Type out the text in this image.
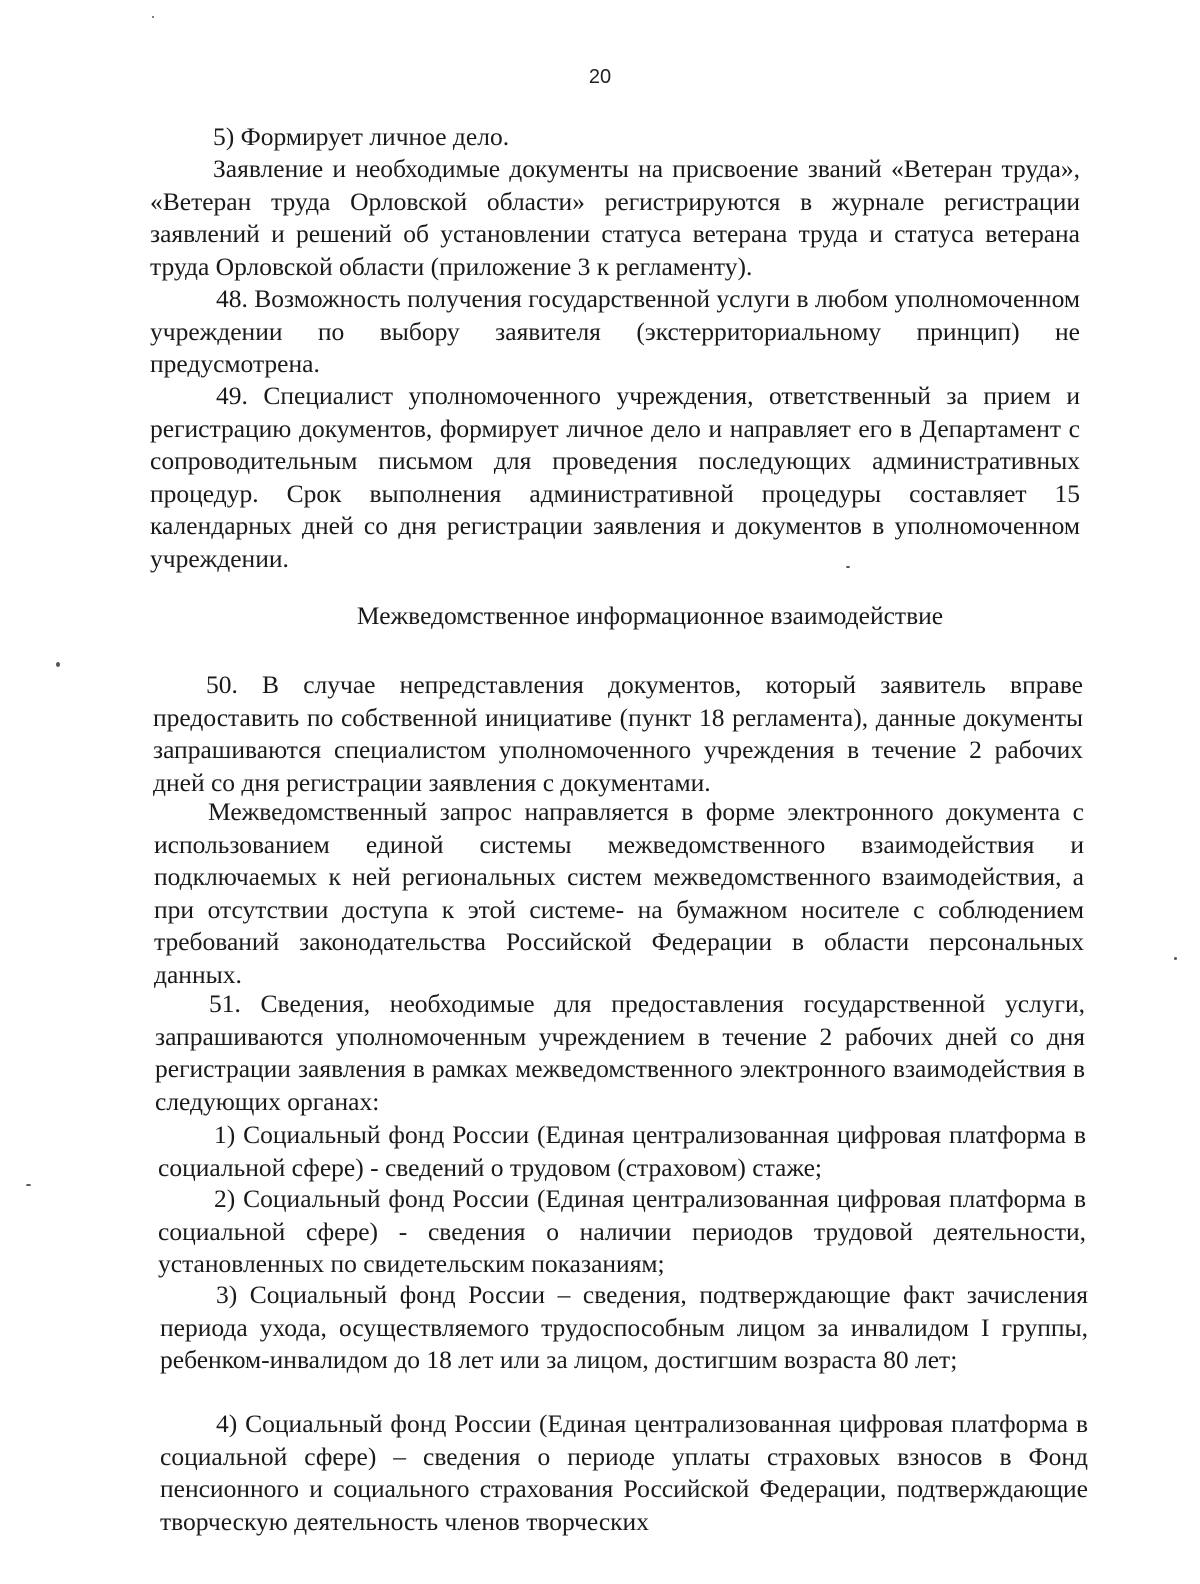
20

5) Формирует личное дело.

Заявление и необходимые документы на присвоение званий «Ветеран труда», «Ветеран труда Орловской области» регистрируются в журнале регистрации заявлений и решений об установлении статуса ветерана труда и статуса ветерана труда Орловской области (приложение 3 к регламенту).

48. Возможность получения государственной услуги в любом уполномоченном учреждении по выбору заявителя (экстерриториальному принцип) не предусмотрена.

49. Специалист уполномоченного учреждения, ответственный за прием и регистрацию документов, формирует личное дело и направляет его в Департамент с сопроводительным письмом для проведения последующих административных процедур. Срок выполнения административной процедуры составляет 15 календарных дней со дня регистрации заявления и документов в уполномоченном учреждении.

Межведомственное информационное взаимодействие

50. В случае непредставления документов, который заявитель вправе предоставить по собственной инициативе (пункт 18 регламента), данные документы запрашиваются специалистом уполномоченного учреждения в течение 2 рабочих дней со дня регистрации заявления с документами.

Межведомственный запрос направляется в форме электронного документа с использованием единой системы межведомственного взаимодействия и подключаемых к ней региональных систем межведомственного взаимодействия, а при отсутствии доступа к этой системе- на бумажном носителе с соблюдением требований законодательства Российской Федерации в области персональных данных.

51. Сведения, необходимые для предоставления государственной услуги, запрашиваются уполномоченным учреждением в течение 2 рабочих дней со дня регистрации заявления в рамках межведомственного электронного взаимодействия в следующих органах:

1) Социальный фонд России (Единая централизованная цифровая платформа в социальной сфере) - сведений о трудовом (страховом) стаже;

2) Социальный фонд России (Единая централизованная цифровая платформа в социальной сфере) - сведения о наличии периодов трудовой деятельности, установленных по свидетельским показаниям;

3) Социальный фонд России – сведения, подтверждающие факт зачисления периода ухода, осуществляемого трудоспособным лицом за инвалидом I группы, ребенком-инвалидом до 18 лет или за лицом, достигшим возраста 80 лет;

4) Социальный фонд России (Единая централизованная цифровая платформа в социальной сфере) – сведения о периоде уплаты страховых взносов в Фонд пенсионного и социального страхования Российской Федерации, подтверждающие творческую деятельность членов творческих
